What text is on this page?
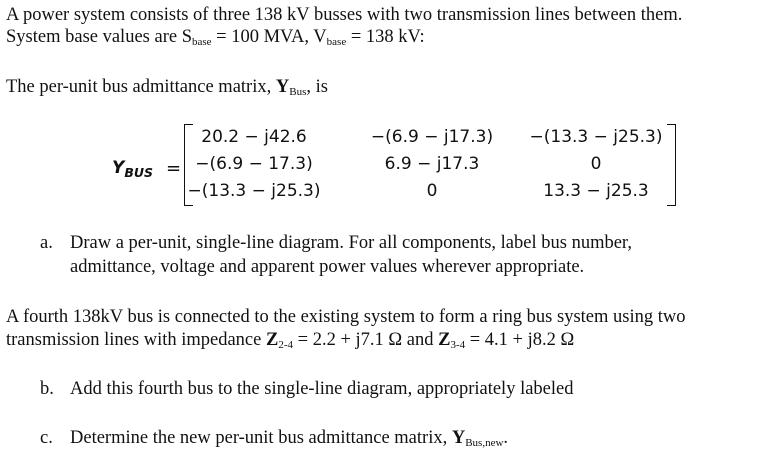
A power system consists of three 138 kV busses with two transmission lines between them.
System base values are $S_{base} = 100$ MVA, $V_{base} = 138$ kV:
The per-unit bus admittance matrix, $Y_{Bus}$, is
$Y_{BUS}$ =
20.2 − j42.6	−(6.9 − j17.3)	−(13.3 − j25.3)
−(6.9 − 17.3)	6.9 − j17.3	0
−(13.3 − j25.3)	0	13.3 − j25.3
a. Draw a per-unit, single-line diagram. For all components, label bus number,
admittance, voltage and apparent power values wherever appropriate.
A fourth 138kV bus is connected to the existing system to form a ring bus system using two
transmission lines with impedance $Z_{2-4} = 2.2 + j7.1$ Ω and $Z_{3-4} = 4.1 + j8.2$ Ω
b. Add this fourth bus to the single-line diagram, appropriately labeled
c. Determine the new per-unit bus admittance matrix, $Y_{Bus,new}$.
